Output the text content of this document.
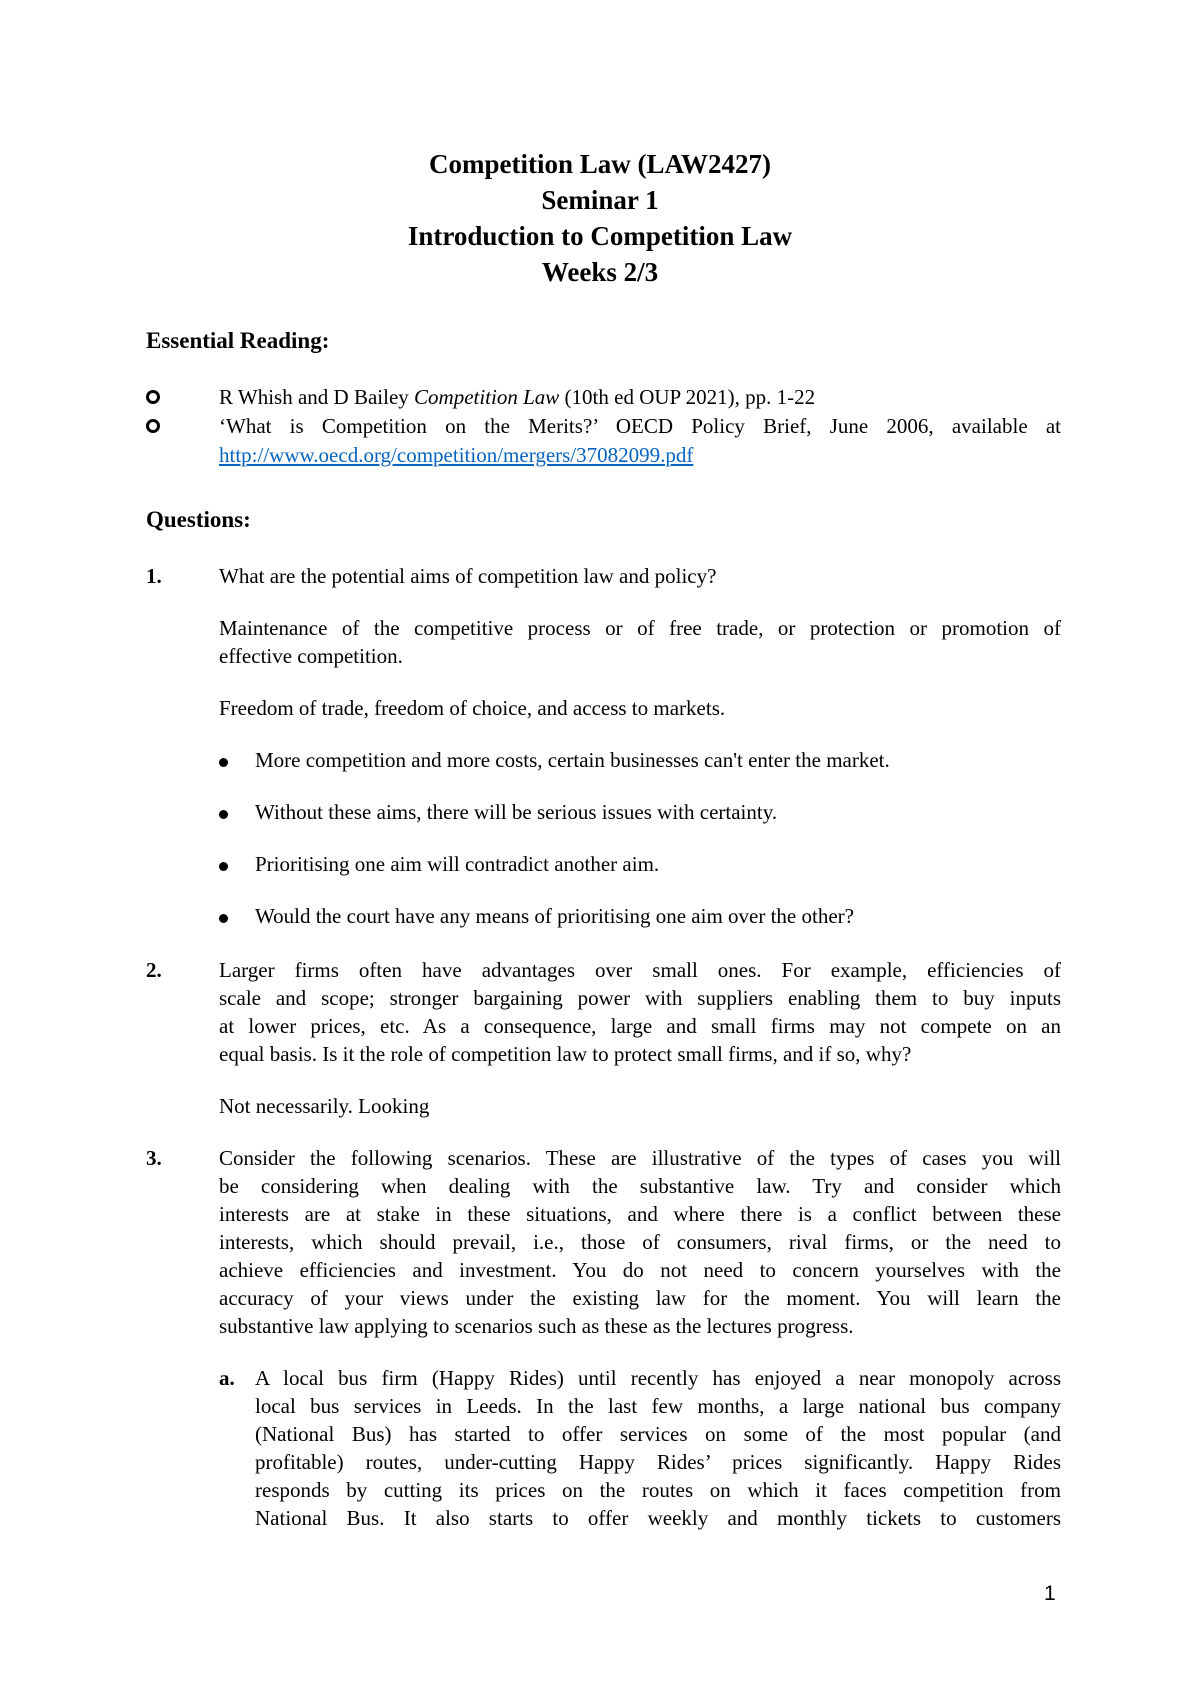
Competition Law (LAW2427)
Seminar 1
Introduction to Competition Law
Weeks 2/3
Essential Reading:
R Whish and D Bailey Competition Law (10th ed OUP 2021), pp. 1-22
‘What is Competition on the Merits?’ OECD Policy Brief, June 2006, available at
http://www.oecd.org/competition/mergers/37082099.pdf
Questions:
1.	What are the potential aims of competition law and policy?
Maintenance of the competitive process or of free trade, or protection or promotion of
effective competition.
Freedom of trade, freedom of choice, and access to markets.
More competition and more costs, certain businesses can't enter the market.
Without these aims, there will be serious issues with certainty.
Prioritising one aim will contradict another aim.
Would the court have any means of prioritising one aim over the other?
2.	Larger firms often have advantages over small ones. For example, efficiencies of
scale and scope; stronger bargaining power with suppliers enabling them to buy inputs
at lower prices, etc. As a consequence, large and small firms may not compete on an
equal basis. Is it the role of competition law to protect small firms, and if so, why?
Not necessarily. Looking
3.	Consider the following scenarios. These are illustrative of the types of cases you will
be considering when dealing with the substantive law. Try and consider which
interests are at stake in these situations, and where there is a conflict between these
interests, which should prevail, i.e., those of consumers, rival firms, or the need to
achieve efficiencies and investment. You do not need to concern yourselves with the
accuracy of your views under the existing law for the moment. You will learn the
substantive law applying to scenarios such as these as the lectures progress.
a. A local bus firm (Happy Rides) until recently has enjoyed a near monopoly across
local bus services in Leeds. In the last few months, a large national bus company
(National Bus) has started to offer services on some of the most popular (and
profitable) routes, under-cutting Happy Rides’ prices significantly. Happy Rides
responds by cutting its prices on the routes on which it faces competition from
National Bus. It also starts to offer weekly and monthly tickets to customers
1
